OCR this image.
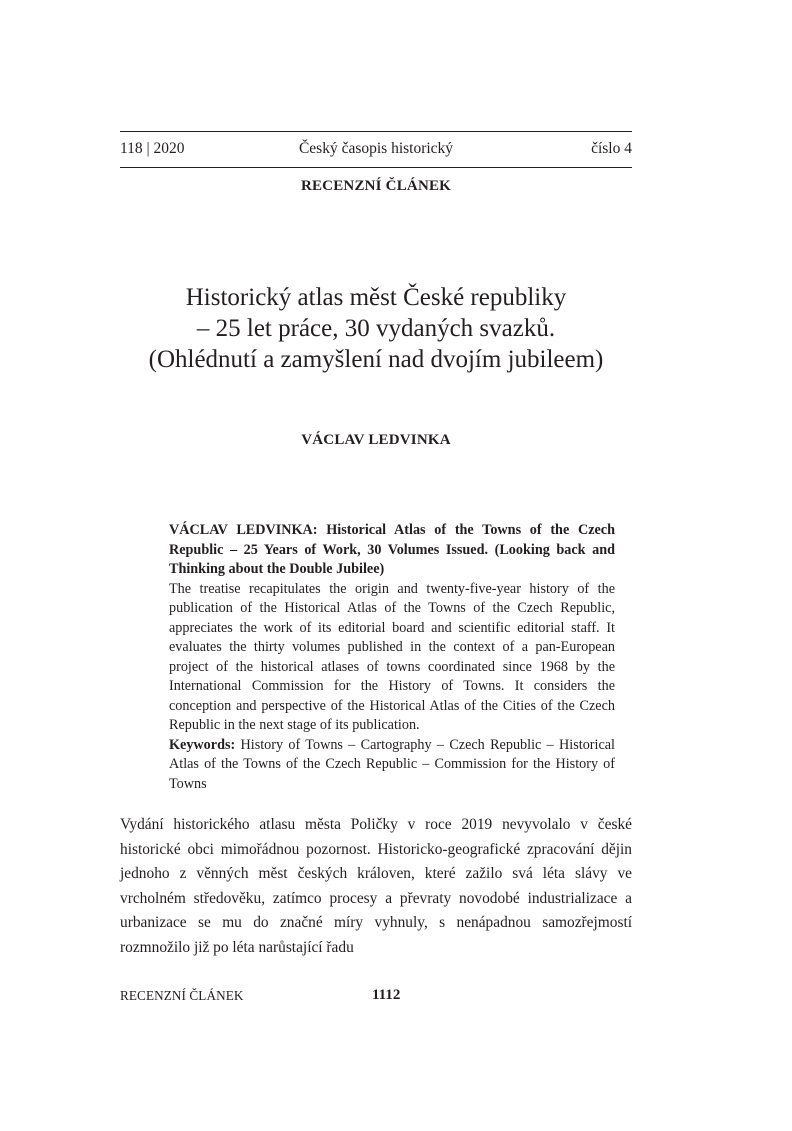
118 | 2020	Český časopis historický	číslo 4
RECENZNÍ ČLÁNEK
Historický atlas měst České republiky
– 25 let práce, 30 vydaných svazků.
(Ohlédnutí a zamyšlení nad dvojím jubileem)
VÁCLAV LEDVINKA
VÁCLAV LEDVINKA: Historical Atlas of the Towns of the Czech Republic – 25 Years of Work, 30 Volumes Issued. (Looking back and Thinking about the Double Jubilee)
The treatise recapitulates the origin and twenty-five-year history of the publication of the Historical Atlas of the Towns of the Czech Republic, appreciates the work of its editorial board and scientific editorial staff. It evaluates the thirty volumes published in the context of a pan-European project of the historical atlases of towns coordinated since 1968 by the International Commission for the History of Towns. It considers the conception and perspective of the Historical Atlas of the Cities of the Czech Republic in the next stage of its publication.
Keywords: History of Towns – Cartography – Czech Republic – Historical Atlas of the Towns of the Czech Republic – Commission for the History of Towns
Vydání historického atlasu města Poličky v roce 2019 nevyvolalo v české historické obci mimořádnou pozornost. Historicko-geografické zpracování dějin jednoho z věnných měst českých královen, které zažilo svá léta slávy ve vrcholném středověku, zatímco procesy a převraty novodobé industrializace a urbanizace se mu do značné míry vyhnuly, s nenápadnou samozřejmostí rozmnožilo již po léta narůstající řadu
RECENZNÍ ČLÁNEK	1112
